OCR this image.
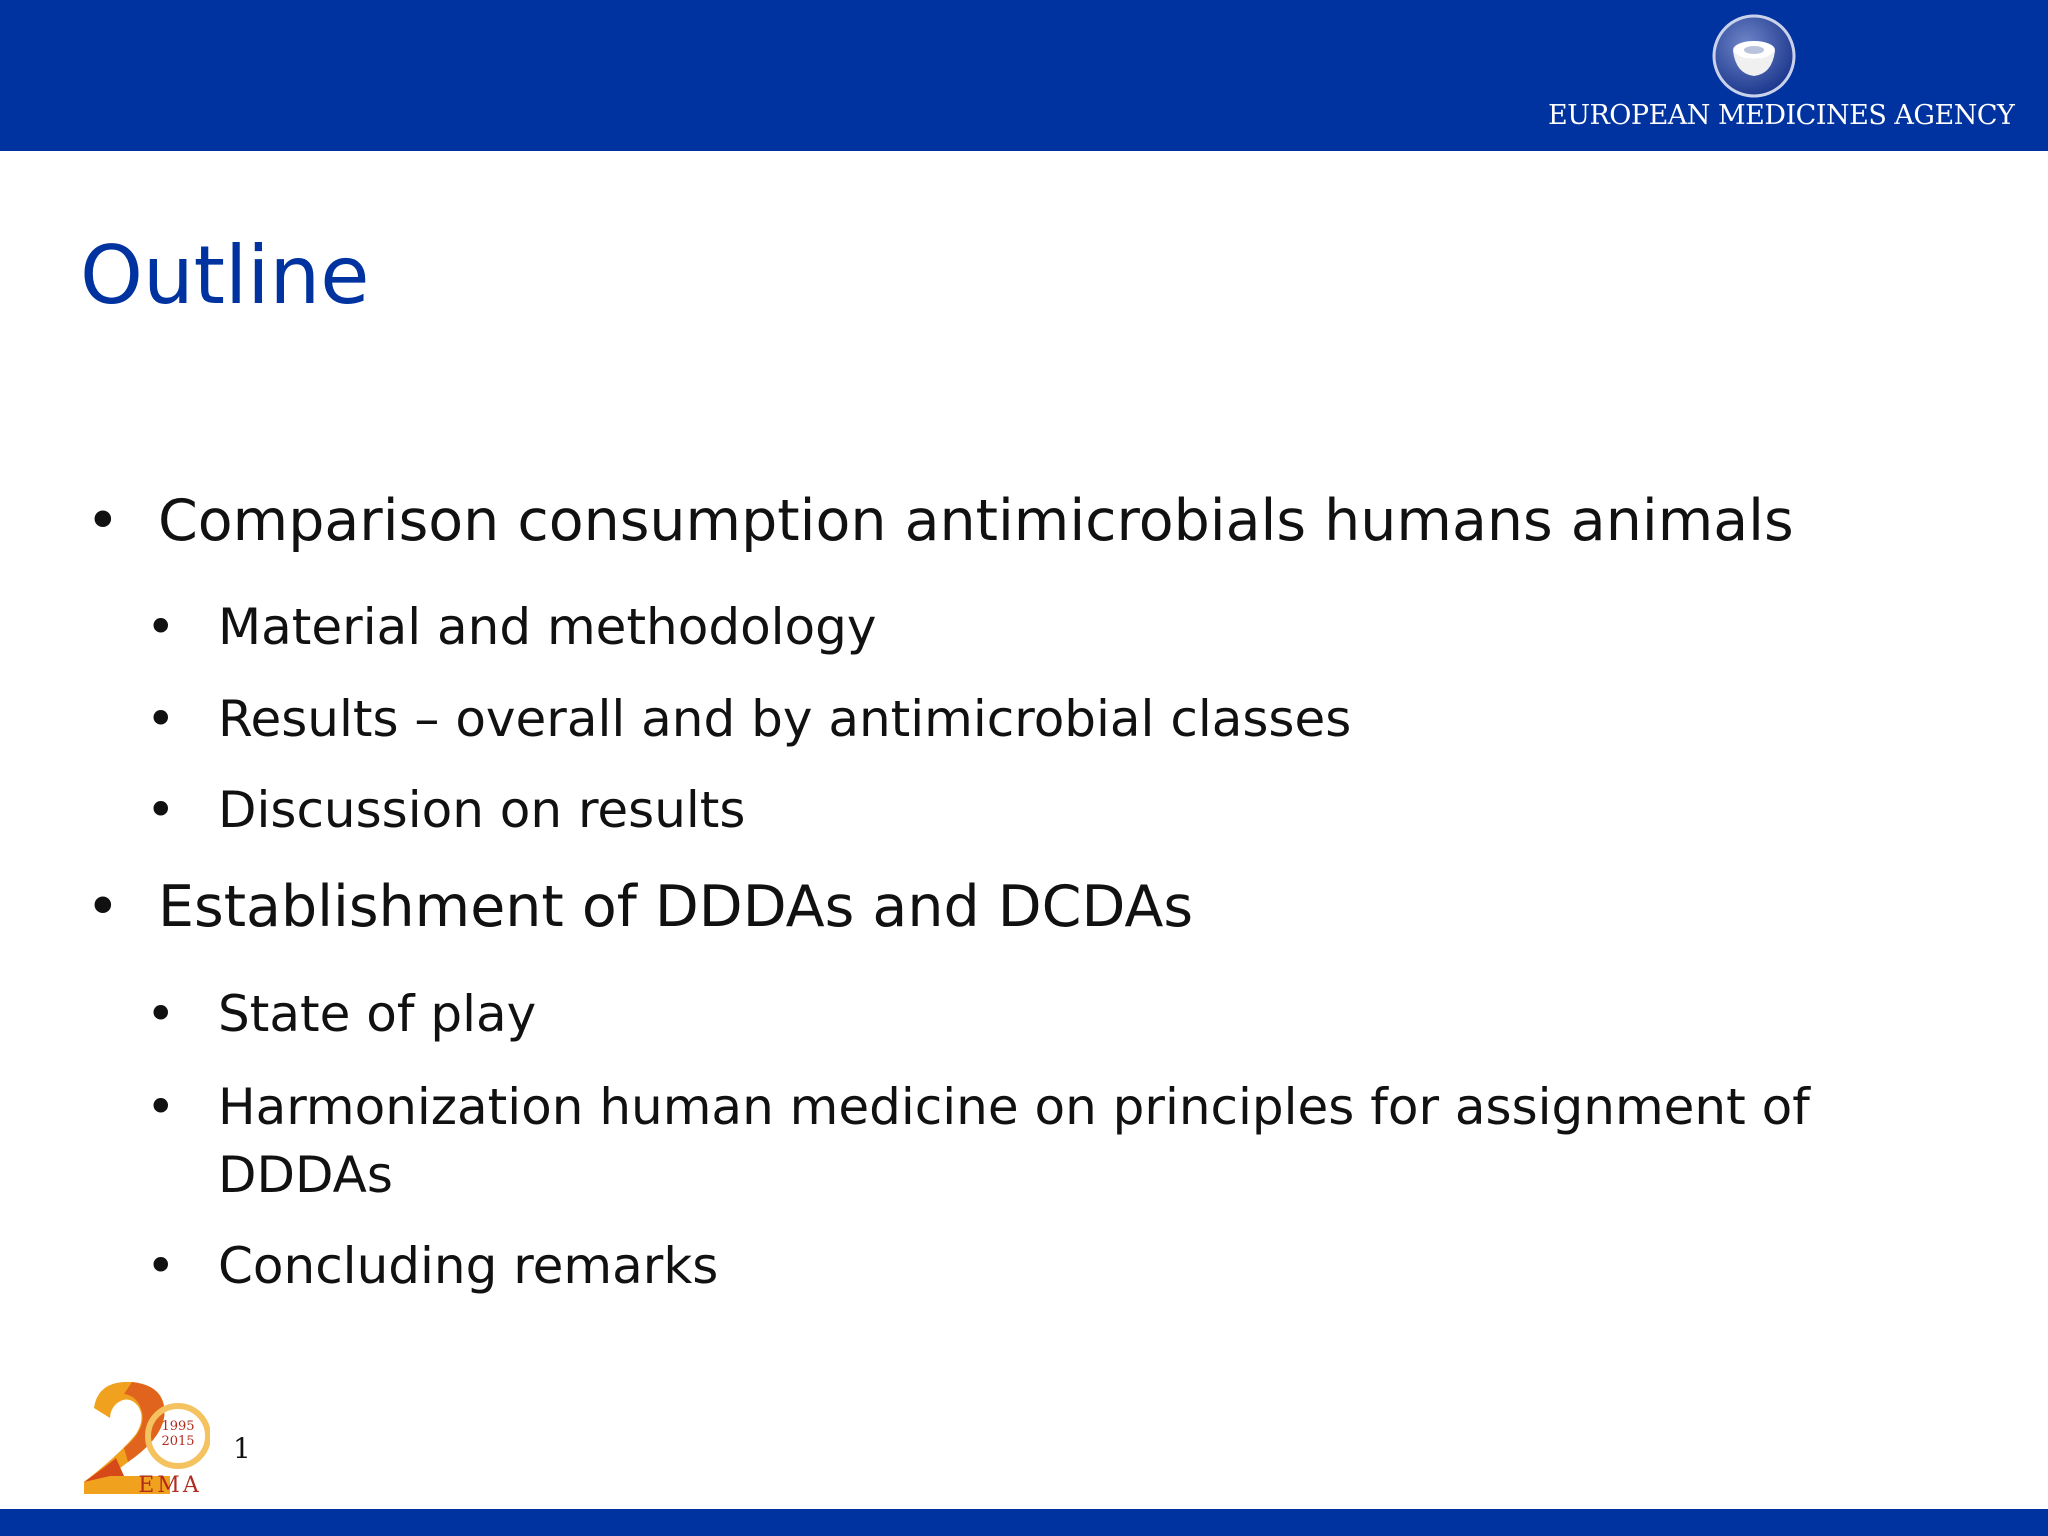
EUROPEAN MEDICINES AGENCY
Outline
• Comparison consumption antimicrobials humans animals
• Material and methodology
• Results – overall and by antimicrobial classes
• Discussion on results
• Establishment of DDDAs and DCDAs
• State of play
• Harmonization human medicine on principles for assignment of DDDAs
• Concluding remarks
1995
2015
EMA
1
